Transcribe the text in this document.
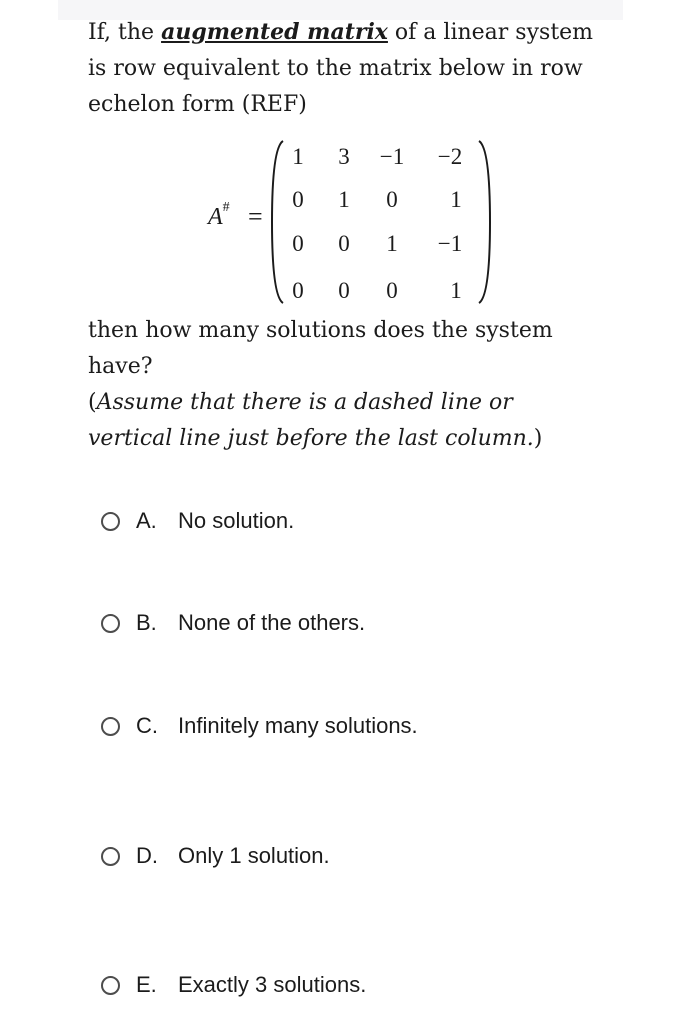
If, the augmented matrix of a linear system
is row equivalent to the matrix below in row
echelon form (REF)
A# =
1	3	−1	−2
0	1	0	1
0	0	1	−1
0	0	0	1
then how many solutions does the system
have?
(Assume that there is a dashed line or
vertical line just before the last column.)
A. No solution.
B. None of the others.
C. Infinitely many solutions.
D. Only 1 solution.
E. Exactly 3 solutions.
